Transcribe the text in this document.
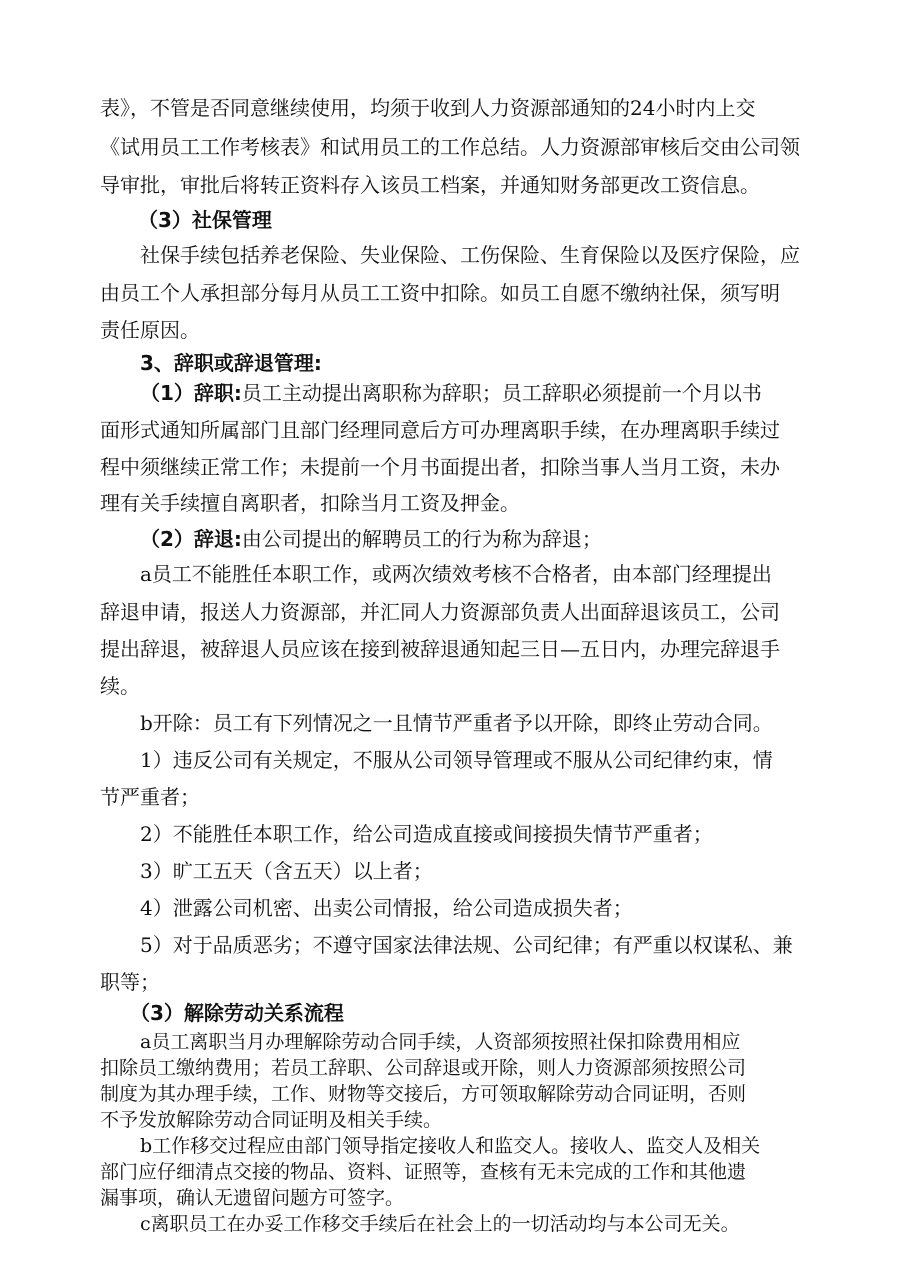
表》，不管是否同意继续使用，均须于收到人力资源部通知的24小时内上交
《试用员工工作考核表》和试用员工的工作总结。人力资源部审核后交由公司领
导审批，审批后将转正资料存入该员工档案，并通知财务部更改工资信息。
（3）社保管理
社保手续包括养老保险、失业保险、工伤保险、生育保险以及医疗保险，应
由员工个人承担部分每月从员工工资中扣除。如员工自愿不缴纳社保，须写明
责任原因。
3、辞职或辞退管理:
（1）辞职:员工主动提出离职称为辞职；员工辞职必须提前一个月以书
面形式通知所属部门且部门经理同意后方可办理离职手续，在办理离职手续过
程中须继续正常工作；未提前一个月书面提出者，扣除当事人当月工资，未办
理有关手续擅自离职者，扣除当月工资及押金。
（2）辞退:由公司提出的解聘员工的行为称为辞退；
a员工不能胜任本职工作，或两次绩效考核不合格者，由本部门经理提出
辞退申请，报送人力资源部，并汇同人力资源部负责人出面辞退该员工，公司
提出辞退，被辞退人员应该在接到被辞退通知起三日—五日内，办理完辞退手
续。
b开除：员工有下列情况之一且情节严重者予以开除，即终止劳动合同。
1）违反公司有关规定，不服从公司领导管理或不服从公司纪律约束，情
节严重者；
2）不能胜任本职工作，给公司造成直接或间接损失情节严重者；
3）旷工五天（含五天）以上者；
4）泄露公司机密、出卖公司情报，给公司造成损失者；
5）对于品质恶劣；不遵守国家法律法规、公司纪律；有严重以权谋私、兼
职等；
（3）解除劳动关系流程
a员工离职当月办理解除劳动合同手续，人资部须按照社保扣除费用相应
扣除员工缴纳费用；若员工辞职、公司辞退或开除，则人力资源部须按照公司
制度为其办理手续，工作、财物等交接后，方可领取解除劳动合同证明，否则
不予发放解除劳动合同证明及相关手续。
b工作移交过程应由部门领导指定接收人和监交人。接收人、监交人及相关
部门应仔细清点交接的物品、资料、证照等，查核有无未完成的工作和其他遗
漏事项，确认无遗留问题方可签字。
c离职员工在办妥工作移交手续后在社会上的一切活动均与本公司无关。
